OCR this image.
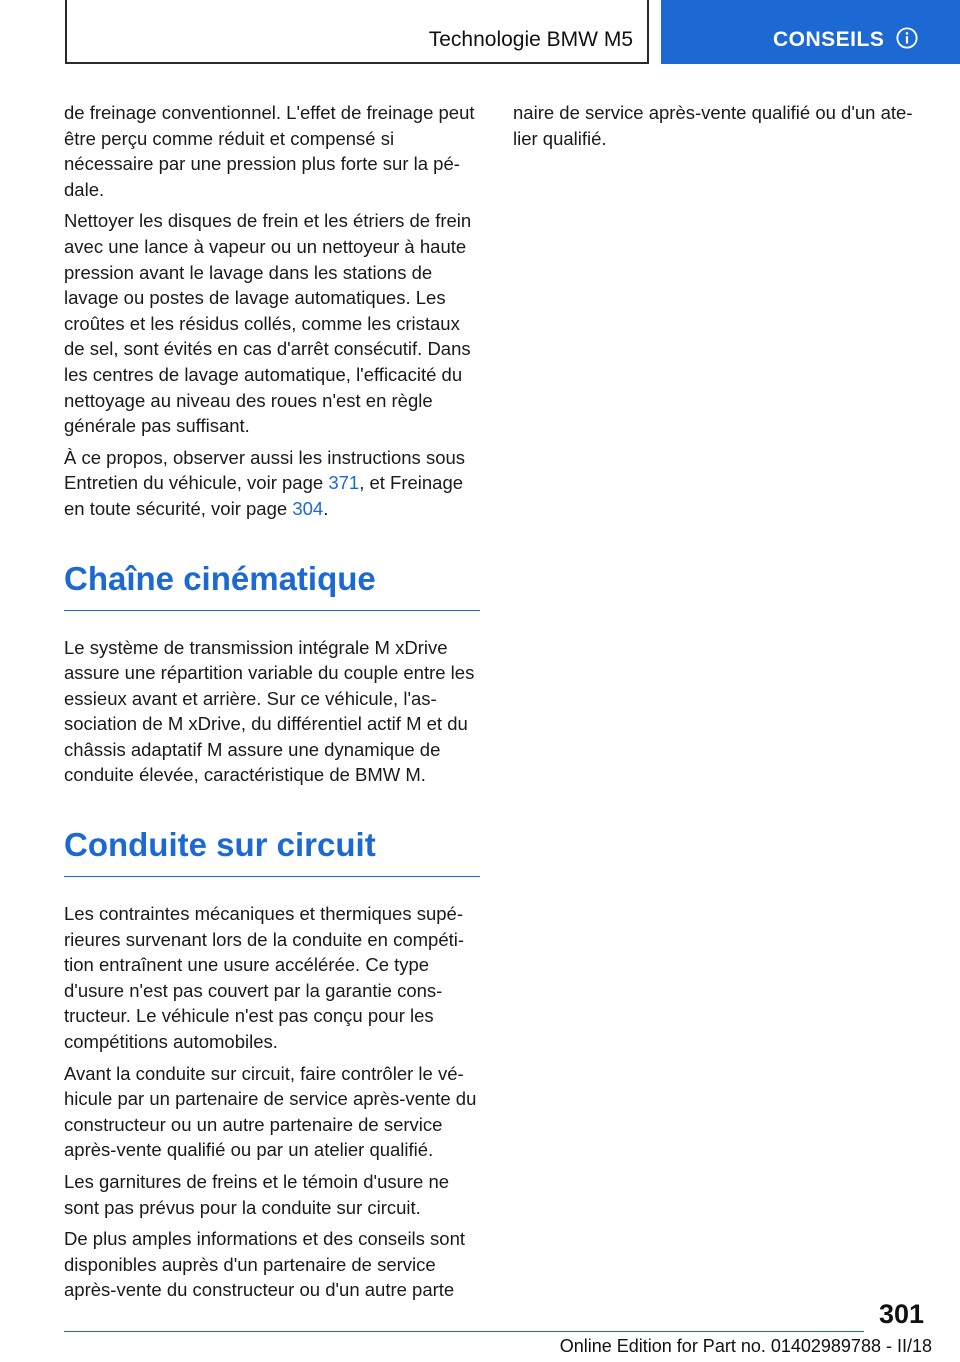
Technologie BMW M5	CONSEILS

de freinage conventionnel. L'effet de freinage peut être perçu comme réduit et compensé si nécessaire par une pression plus forte sur la pédale.

Nettoyer les disques de frein et les étriers de frein avec une lance à vapeur ou un nettoyeur à haute pression avant le lavage dans les stations de lavage ou postes de lavage automatiques. Les croûtes et les résidus collés, comme les cristaux de sel, sont évités en cas d'arrêt consécutif. Dans les centres de lavage automatique, l'efficacité du nettoyage au niveau des roues n'est en règle générale pas suffisant.

À ce propos, observer aussi les instructions sous Entretien du véhicule, voir page 371, et Freinage en toute sécurité, voir page 304.

Chaîne cinématique

Le système de transmission intégrale M xDrive assure une répartition variable du couple entre les essieux avant et arrière. Sur ce véhicule, l'association de M xDrive, du différentiel actif M et du châssis adaptatif M assure une dynamique de conduite élevée, caractéristique de BMW M.

Conduite sur circuit

Les contraintes mécaniques et thermiques supérieures survenant lors de la conduite en compétition entraînent une usure accélérée. Ce type d'usure n'est pas couvert par la garantie constructeur. Le véhicule n'est pas conçu pour les compétitions automobiles.

Avant la conduite sur circuit, faire contrôler le véhicule par un partenaire de service après-vente du constructeur ou un autre partenaire de service après-vente qualifié ou par un atelier qualifié.

Les garnitures de freins et le témoin d'usure ne sont pas prévus pour la conduite sur circuit.

De plus amples informations et des conseils sont disponibles auprès d'un partenaire de service après-vente du constructeur ou d'un autre parte

naire de service après-vente qualifié ou d'un atelier qualifié.

301
Online Edition for Part no. 01402989788 - II/18
